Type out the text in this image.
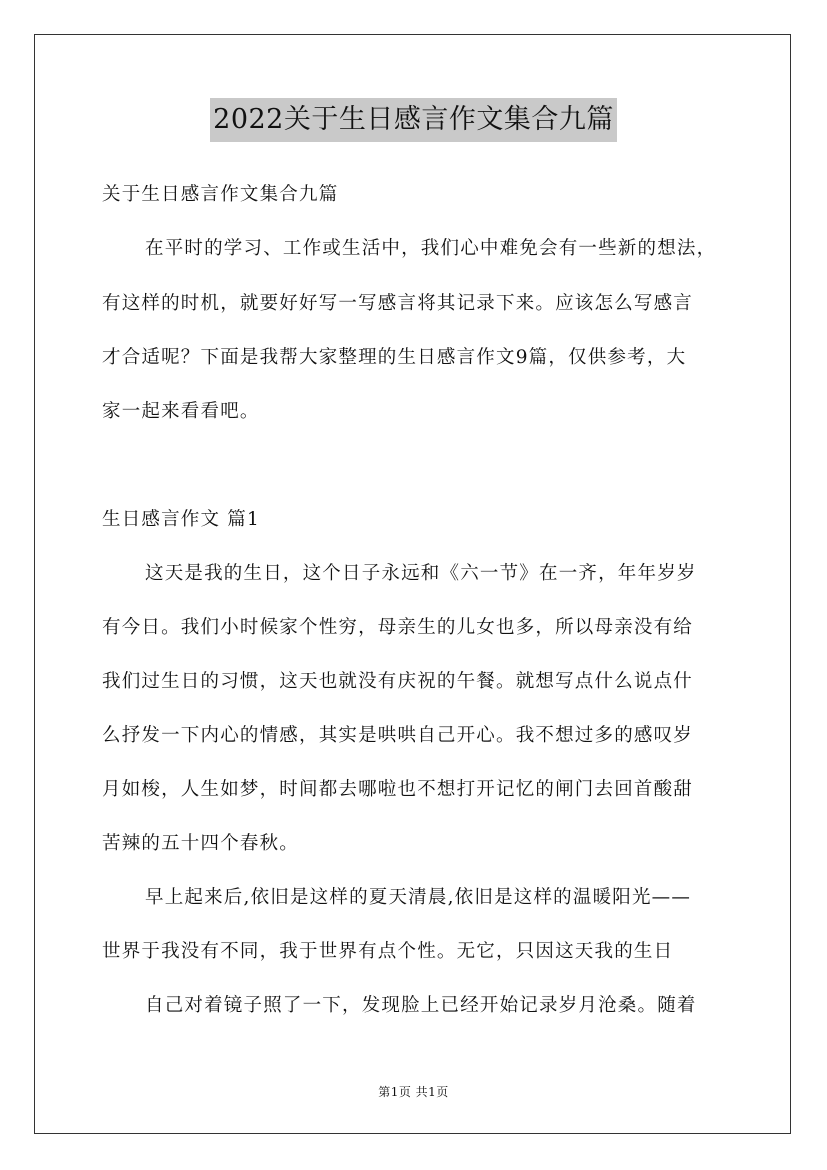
2022关于生日感言作文集合九篇
关于生日感言作文集合九篇
在平时的学习、工作或生活中，我们心中难免会有一些新的想法，
有这样的时机，就要好好写一写感言将其记录下来。应该怎么写感言
才合适呢？下面是我帮大家整理的生日感言作文9篇，仅供参考，大
家一起来看看吧。
生日感言作文 篇1
这天是我的生日，这个日子永远和《六一节》在一齐，年年岁岁
有今日。我们小时候家个性穷，母亲生的儿女也多，所以母亲没有给
我们过生日的习惯，这天也就没有庆祝的午餐。就想写点什么说点什
么抒发一下内心的情感，其实是哄哄自己开心。我不想过多的感叹岁
月如梭，人生如梦，时间都去哪啦也不想打开记忆的闸门去回首酸甜
苦辣的五十四个春秋。
早上起来后,依旧是这样的夏天清晨,依旧是这样的温暖阳光——
世界于我没有不同，我于世界有点个性。无它，只因这天我的生日
自己对着镜子照了一下，发现脸上已经开始记录岁月沧桑。随着
第1页 共1页
